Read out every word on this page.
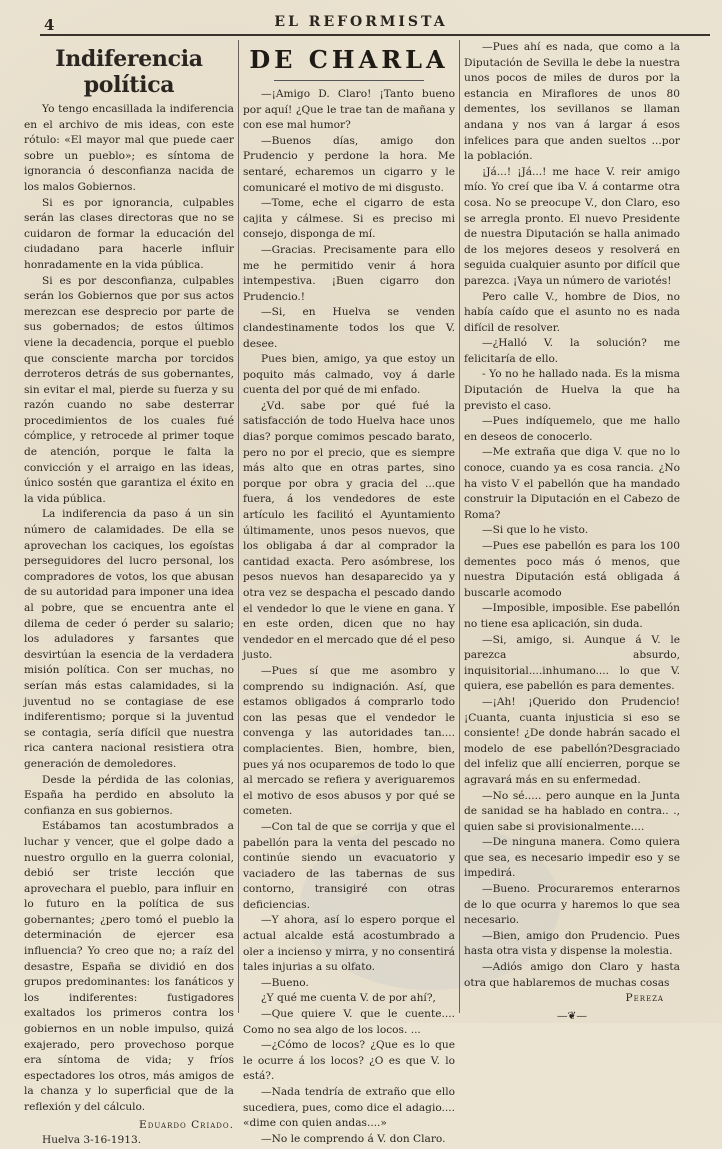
4	EL REFORMISTA
Indiferencia política

Yo tengo encasillada la indiferencia en el archivo de mis ideas, con este rótulo: «El mayor mal que puede caer sobre un pueblo»; es síntoma de ignorancia ó desconfianza nacida de los malos Gobiernos.

Si es por ignorancia, culpables serán las clases directoras que no se cuidaron de formar la educación del ciudadano para hacerle influir honradamente en la vida pública.

Si es por desconfianza, culpables serán los Gobiernos que por sus actos merezcan ese desprecio por parte de sus gobernados; de estos últimos viene la decadencia, porque el pueblo que consciente marcha por torcidos derroteros detrás de sus gobernantes, sin evitar el mal, pierde su fuerza y su razón cuando no sabe desterrar procedimientos de los cuales fué cómplice, y retrocede al primer toque de atención, porque le falta la convicción y el arraigo en las ideas, único sostén que garantiza el éxito en la vida pública.

La indiferencia da paso á un sin número de calamidades. De ella se aprovechan los caciques, los egoístas perseguidores del lucro personal, los compradores de votos, los que abusan de su autoridad para imponer una idea al pobre, que se encuentra ante el dilema de ceder ó perder su salario; los aduladores y farsantes que desvirtúan la esencia de la verdadera misión política. Con ser muchas, no serían más estas calamidades, si la juventud no se contagiase de ese indiferentismo; porque si la juventud se contagia, sería difícil que nuestra rica cantera nacional resistiera otra generación de demoledores.

Desde la pérdida de las colonias, España ha perdido en absoluto la confianza en sus gobiernos.

Estábamos tan acostumbrados a luchar y vencer, que el golpe dado a nuestro orgullo en la guerra colonial, debió ser triste lección que aprovechara el pueblo, para influir en lo futuro en la política de sus gobernantes; ¿pero tomó el pueblo la determinación de ejercer esa influencia? Yo creo que no; a raíz del desastre, España se dividió en dos grupos predominantes: los fanáticos y los indiferentes: fustigadores exaltados los primeros contra los gobiernos en un noble impulso, quizá exajerado, pero provechoso porque era síntoma de vida; y fríos espectadores los otros, más amigos de la chanza y lo superficial que de la reflexión y del cálculo.

Eduardo Criado.

Huelva 3-16-1913.

DE CHARLA

—¡Amigo D. Claro! ¡Tanto bueno por aquí! ¿Que le trae tan de mañana y con ese mal humor?

—Buenos días, amigo don Prudencio y perdone la hora. Me sentaré, echaremos un cigarro y le comunicaré el motivo de mi disgusto.

—Tome, eche el cigarro de esta cajita y cálmese. Si es preciso mi consejo, disponga de mí.

—Gracias. Precisamente para ello me he permitido venir á hora intempestiva. ¡Buen cigarro don Prudencio.!

—Si, en Huelva se venden clandestinamente todos los que V. desee.

Pues bien, amigo, ya que estoy un poquito más calmado, voy á darle cuenta del por qué de mi enfado.

¿Vd. sabe por qué fué la satisfacción de todo Huelva hace unos dias? porque comimos pescado barato, pero no por el precio, que es siempre más alto que en otras partes, sino porque por obra y gracia del ...que fuera, á los vendedores de este artículo les facilitó el Ayuntamiento últimamente, unos pesos nuevos, que los obligaba á dar al comprador la cantidad exacta. Pero asómbrese, los pesos nuevos han desaparecido ya y otra vez se despacha el pescado dando el vendedor lo que le viene en gana. Y en este orden, dicen que no hay vendedor en el mercado que dé el peso justo.

—Pues sí que me asombro y comprendo su indignación. Así, que estamos obligados á comprarlo todo con las pesas que el vendedor le convenga y las autoridades tan.... complacientes. Bien, hombre, bien, pues yá nos ocuparemos de todo lo que al mercado se refiera y averiguaremos el motivo de esos abusos y por qué se cometen.

—Con tal de que se corrija y que el pabellón para la venta del pescado no continúe siendo un evacuatorio y vaciadero de las tabernas de sus contorno, transigiré con otras deficiencias.

—Y ahora, así lo espero porque el actual alcalde está acostumbrado a oler a incienso y mirra, y no consentirá tales injurias a su olfato.

—Bueno.

¿Y qué me cuenta V. de por ahí?,

—Que quiere V. que le cuente.... Como no sea algo de los locos. ...

—¿Cómo de locos? ¿Que es lo que le ocurre á los locos? ¿O es que V. lo está?.

—Nada tendría de extraño que ello sucediera, pues, como dice el adagio.... «dime con quien andas....»

—No le comprendo á V. don Claro.

—Pues ahí es nada, que como a la Diputación de Sevilla le debe la nuestra unos pocos de miles de duros por la estancia en Miraflores de unos 80 dementes, los sevillanos se llaman andana y nos van á largar á esos infelices para que anden sueltos ...por la población.

¡Já...! ¡Já...! me hace V. reir amigo mío. Yo creí que iba V. á contarme otra cosa. No se preocupe V., don Claro, eso se arregla pronto. El nuevo Presidente de nuestra Diputación se halla animado de los mejores deseos y resolverá en seguida cualquier asunto por difícil que parezca. ¡Vaya un número de variotés!

Pero calle V., hombre de Dios, no había caído que el asunto no es nada difícil de resolver.

—¿Halló V. la solución? me felicitaría de ello.

- Yo no he hallado nada. Es la misma Diputación de Huelva la que ha previsto el caso.

—Pues indíquemelo, que me hallo en deseos de conocerlo.

—Me extraña que diga V. que no lo conoce, cuando ya es cosa rancia. ¿No ha visto V el pabellón que ha mandado construir la Diputación en el Cabezo de Roma?

—Si que lo he visto.

—Pues ese pabellón es para los 100 dementes poco más ó menos, que nuestra Diputación está obligada á buscarle acomodo

—Imposible, imposible. Ese pabellón no tiene esa aplicación, sin duda.

—Si, amigo, si. Aunque á V. le parezca absurdo, inquisitorial....inhumano.... lo que V. quiera, ese pabellón es para dementes.

—¡Ah! ¡Querido don Prudencio! ¡Cuanta, cuanta injusticia si eso se consiente! ¿De donde habrán sacado el modelo de ese pabellón?Desgraciado del infeliz que allí encierren, porque se agravará más en su enfermedad.

—No sé..... pero aunque en la Junta de sanidad se ha hablado en contra.. ., quien sabe si provisionalmente....

—De ninguna manera. Como quiera que sea, es necesario impedir eso y se impedirá.

—Bueno. Procuraremos enterarnos de lo que ocurra y haremos lo que sea necesario.

—Bien, amigo don Prudencio. Pues hasta otra vista y dispense la molestia.

—Adiós amigo don Claro y hasta otra que hablaremos de muchas cosas

Pereza
—❦—
